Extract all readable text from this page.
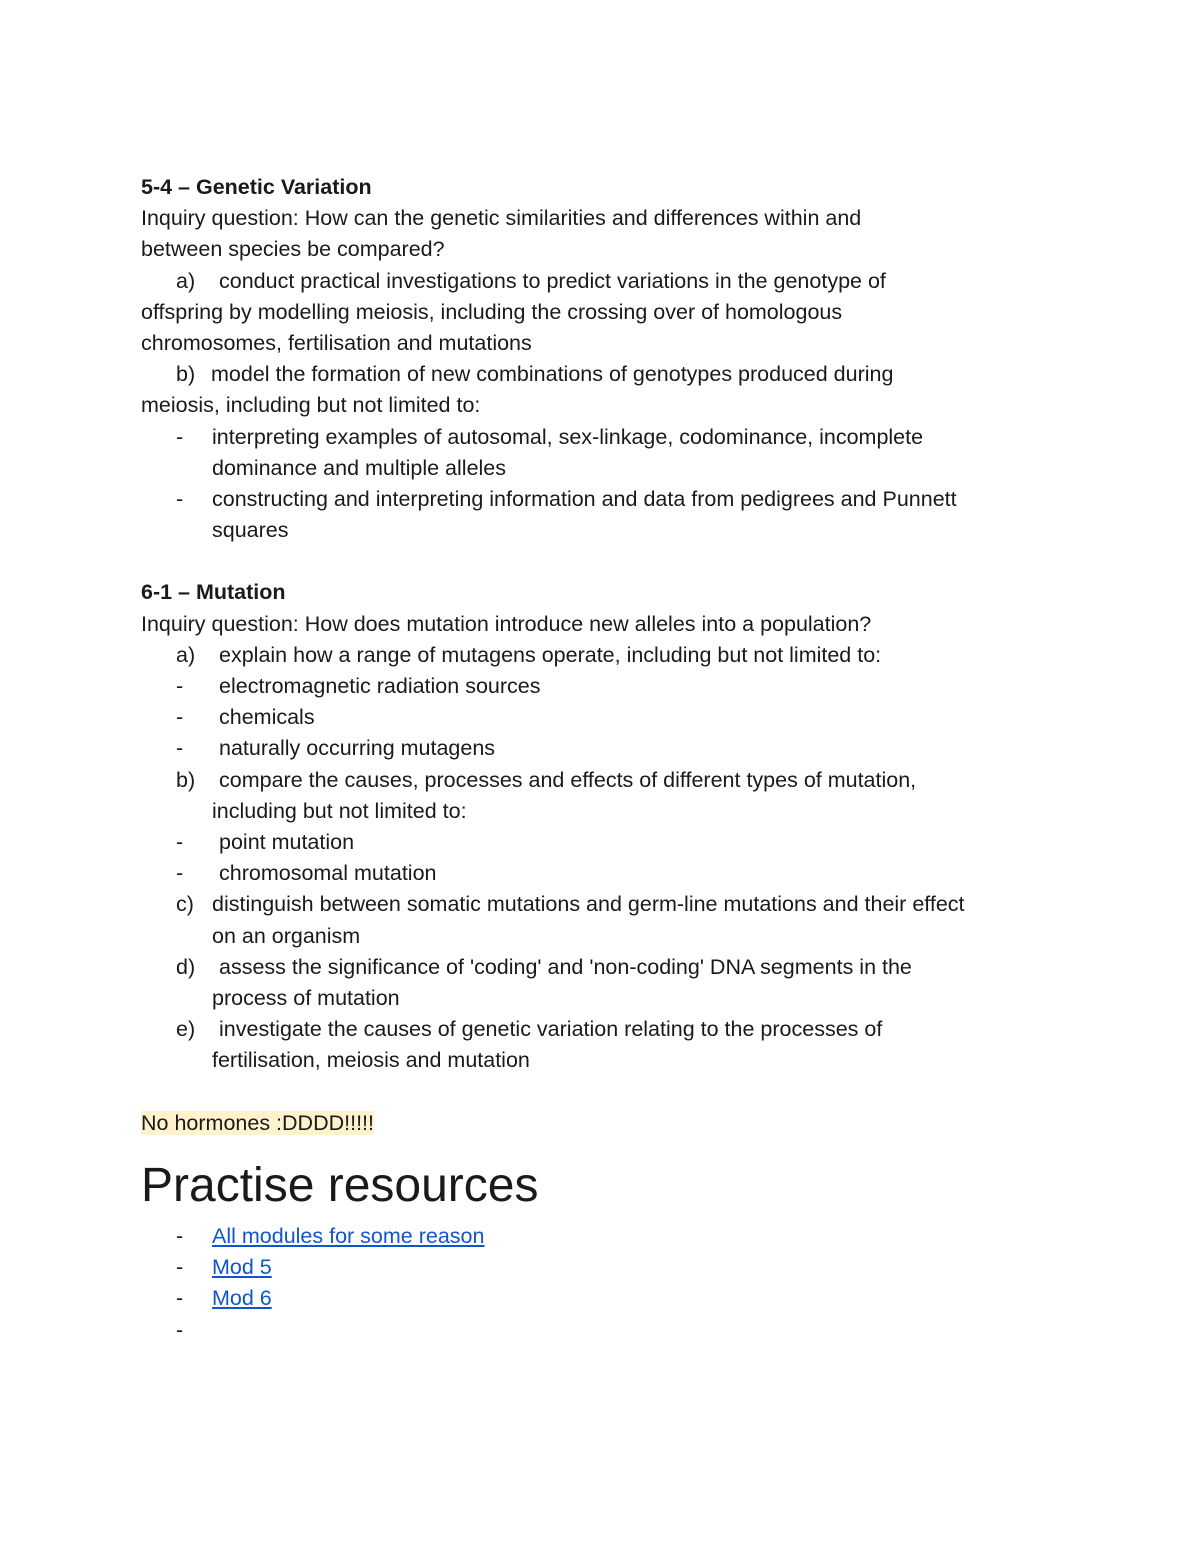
5-4 – Genetic Variation
Inquiry question: How can the genetic similarities and differences within and
between species be compared?
a)	conduct practical investigations to predict variations in the genotype of
offspring by modelling meiosis, including the crossing over of homologous
chromosomes, fertilisation and mutations
b) model the formation of new combinations of genotypes produced during
meiosis, including but not limited to:
-	interpreting examples of autosomal, sex-linkage, codominance, incomplete
dominance and multiple alleles
-	constructing and interpreting information and data from pedigrees and Punnett
squares
6-1 – Mutation
Inquiry question: How does mutation introduce new alleles into a population?
a)	explain how a range of mutagens operate, including but not limited to:
-	electromagnetic radiation sources
-	chemicals
-	naturally occurring mutagens
b)	compare the causes, processes and effects of different types of mutation,
including but not limited to:
-	point mutation
-	chromosomal mutation
c) distinguish between somatic mutations and germ-line mutations and their effect
on an organism
d)	assess the significance of 'coding' and 'non-coding' DNA segments in the
process of mutation
e)	investigate the causes of genetic variation relating to the processes of
fertilisation, meiosis and mutation
No hormones :DDDD!!!!!
Practise resources
-	All modules for some reason
-	Mod 5
-	Mod 6
-
